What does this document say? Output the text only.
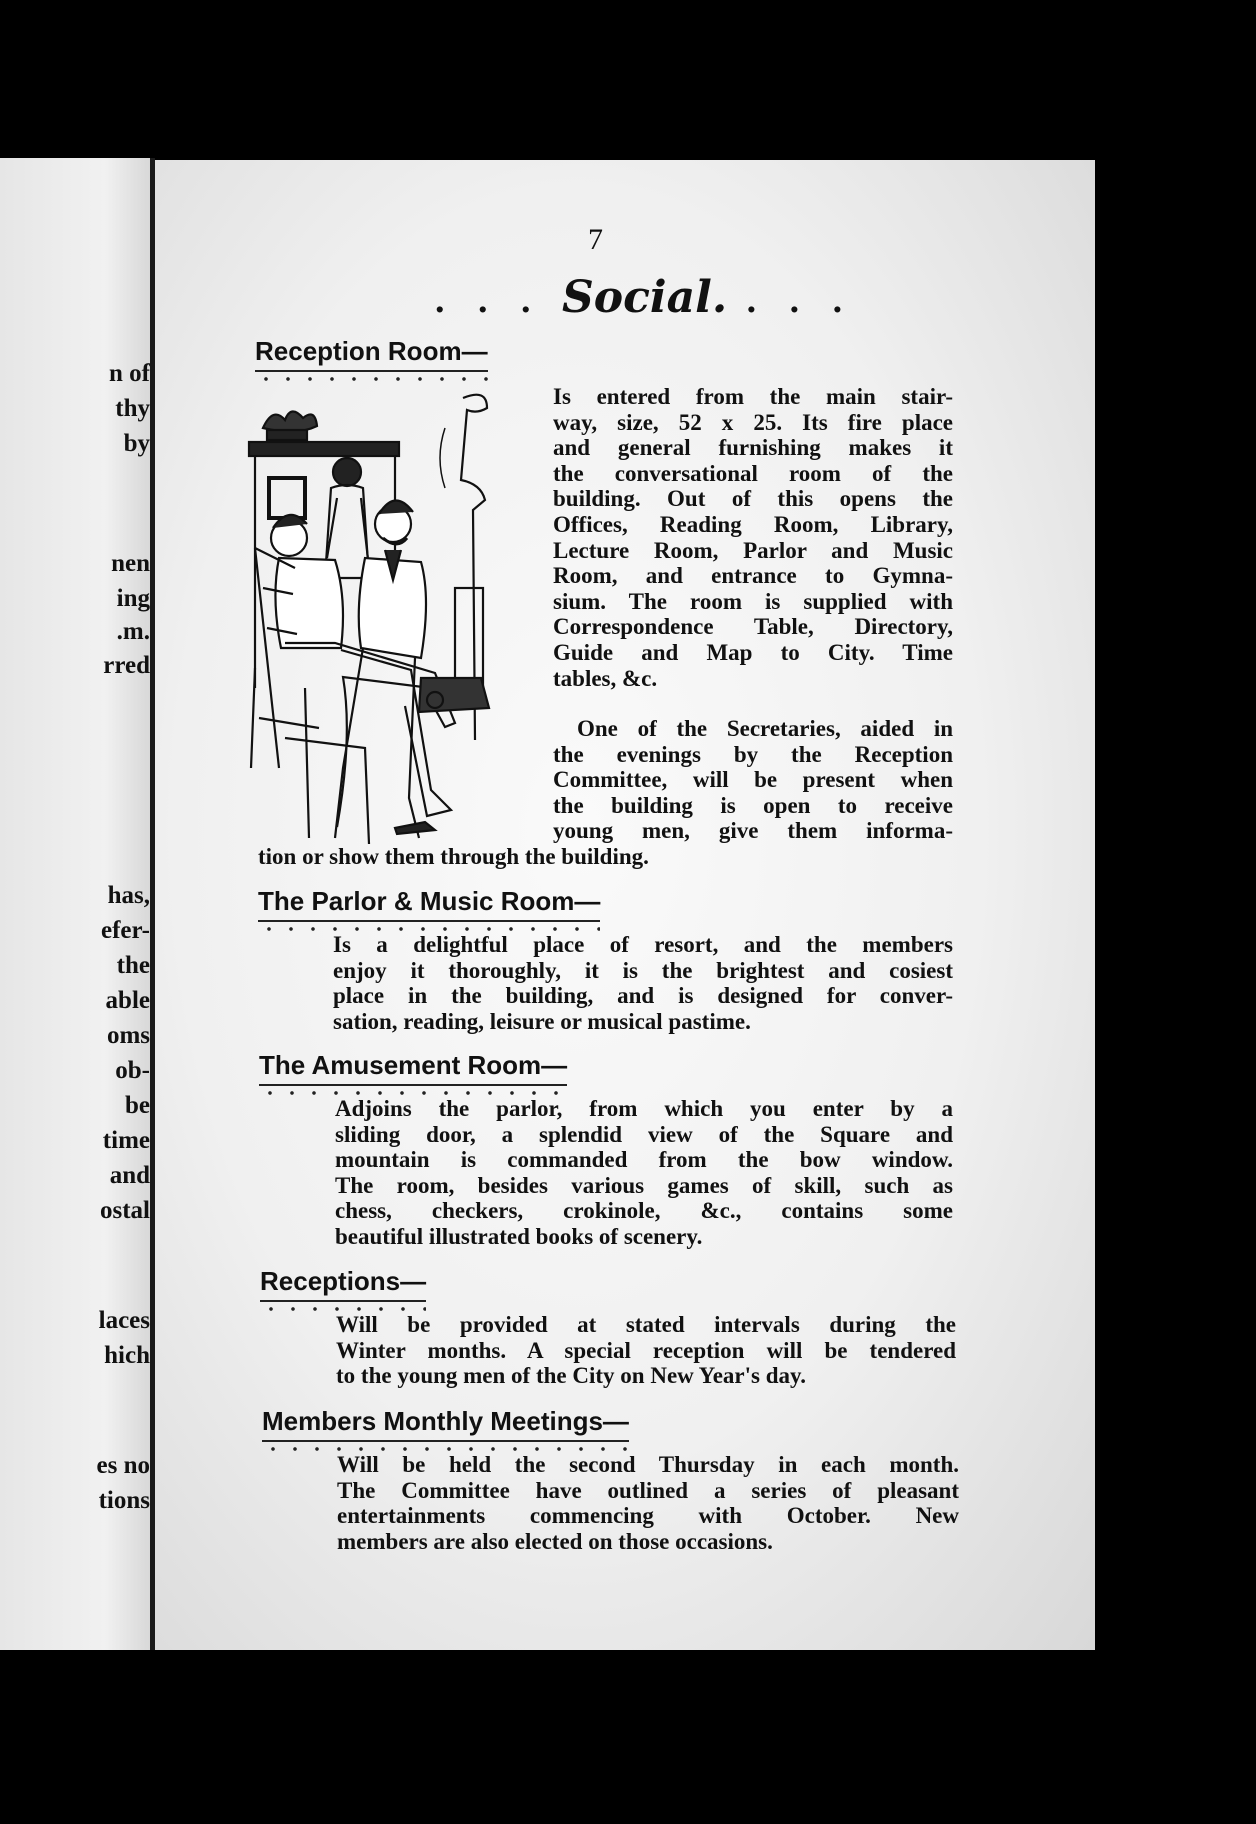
n of
thy
by
nen
ing
.m.
rred
has,
efer-
the
able
oms
ob-
be
time
and
ostal
laces
hich
es no
tions
7
. . . Social. . . .
Reception Room—
Is entered from the main stair-
way, size, 52 x 25. Its fire place
and general furnishing makes it
the conversational room of the
building. Out of this opens the
Offices, Reading Room, Library,
Lecture Room, Parlor and Music
Room, and entrance to Gymna-
sium. The room is supplied with
Correspondence Table, Directory,
Guide and Map to City. Time
tables, &c.
One of the Secretaries, aided in
the evenings by the Reception
Committee, will be present when
the building is open to receive
young men, give them informa-
tion or show them through the building.
The Parlor & Music Room—
Is a delightful place of resort, and the members
enjoy it thoroughly, it is the brightest and cosiest
place in the building, and is designed for conver-
sation, reading, leisure or musical pastime.
The Amusement Room—
Adjoins the parlor, from which you enter by a
sliding door, a splendid view of the Square and
mountain is commanded from the bow window.
The room, besides various games of skill, such as
chess, checkers, crokinole, &c., contains some
beautiful illustrated books of scenery.
Receptions—
Will be provided at stated intervals during the
Winter months. A special reception will be tendered
to the young men of the City on New Year's day.
Members Monthly Meetings—
Will be held the second Thursday in each month.
The Committee have outlined a series of pleasant
entertainments commencing with October. New
members are also elected on those occasions.
